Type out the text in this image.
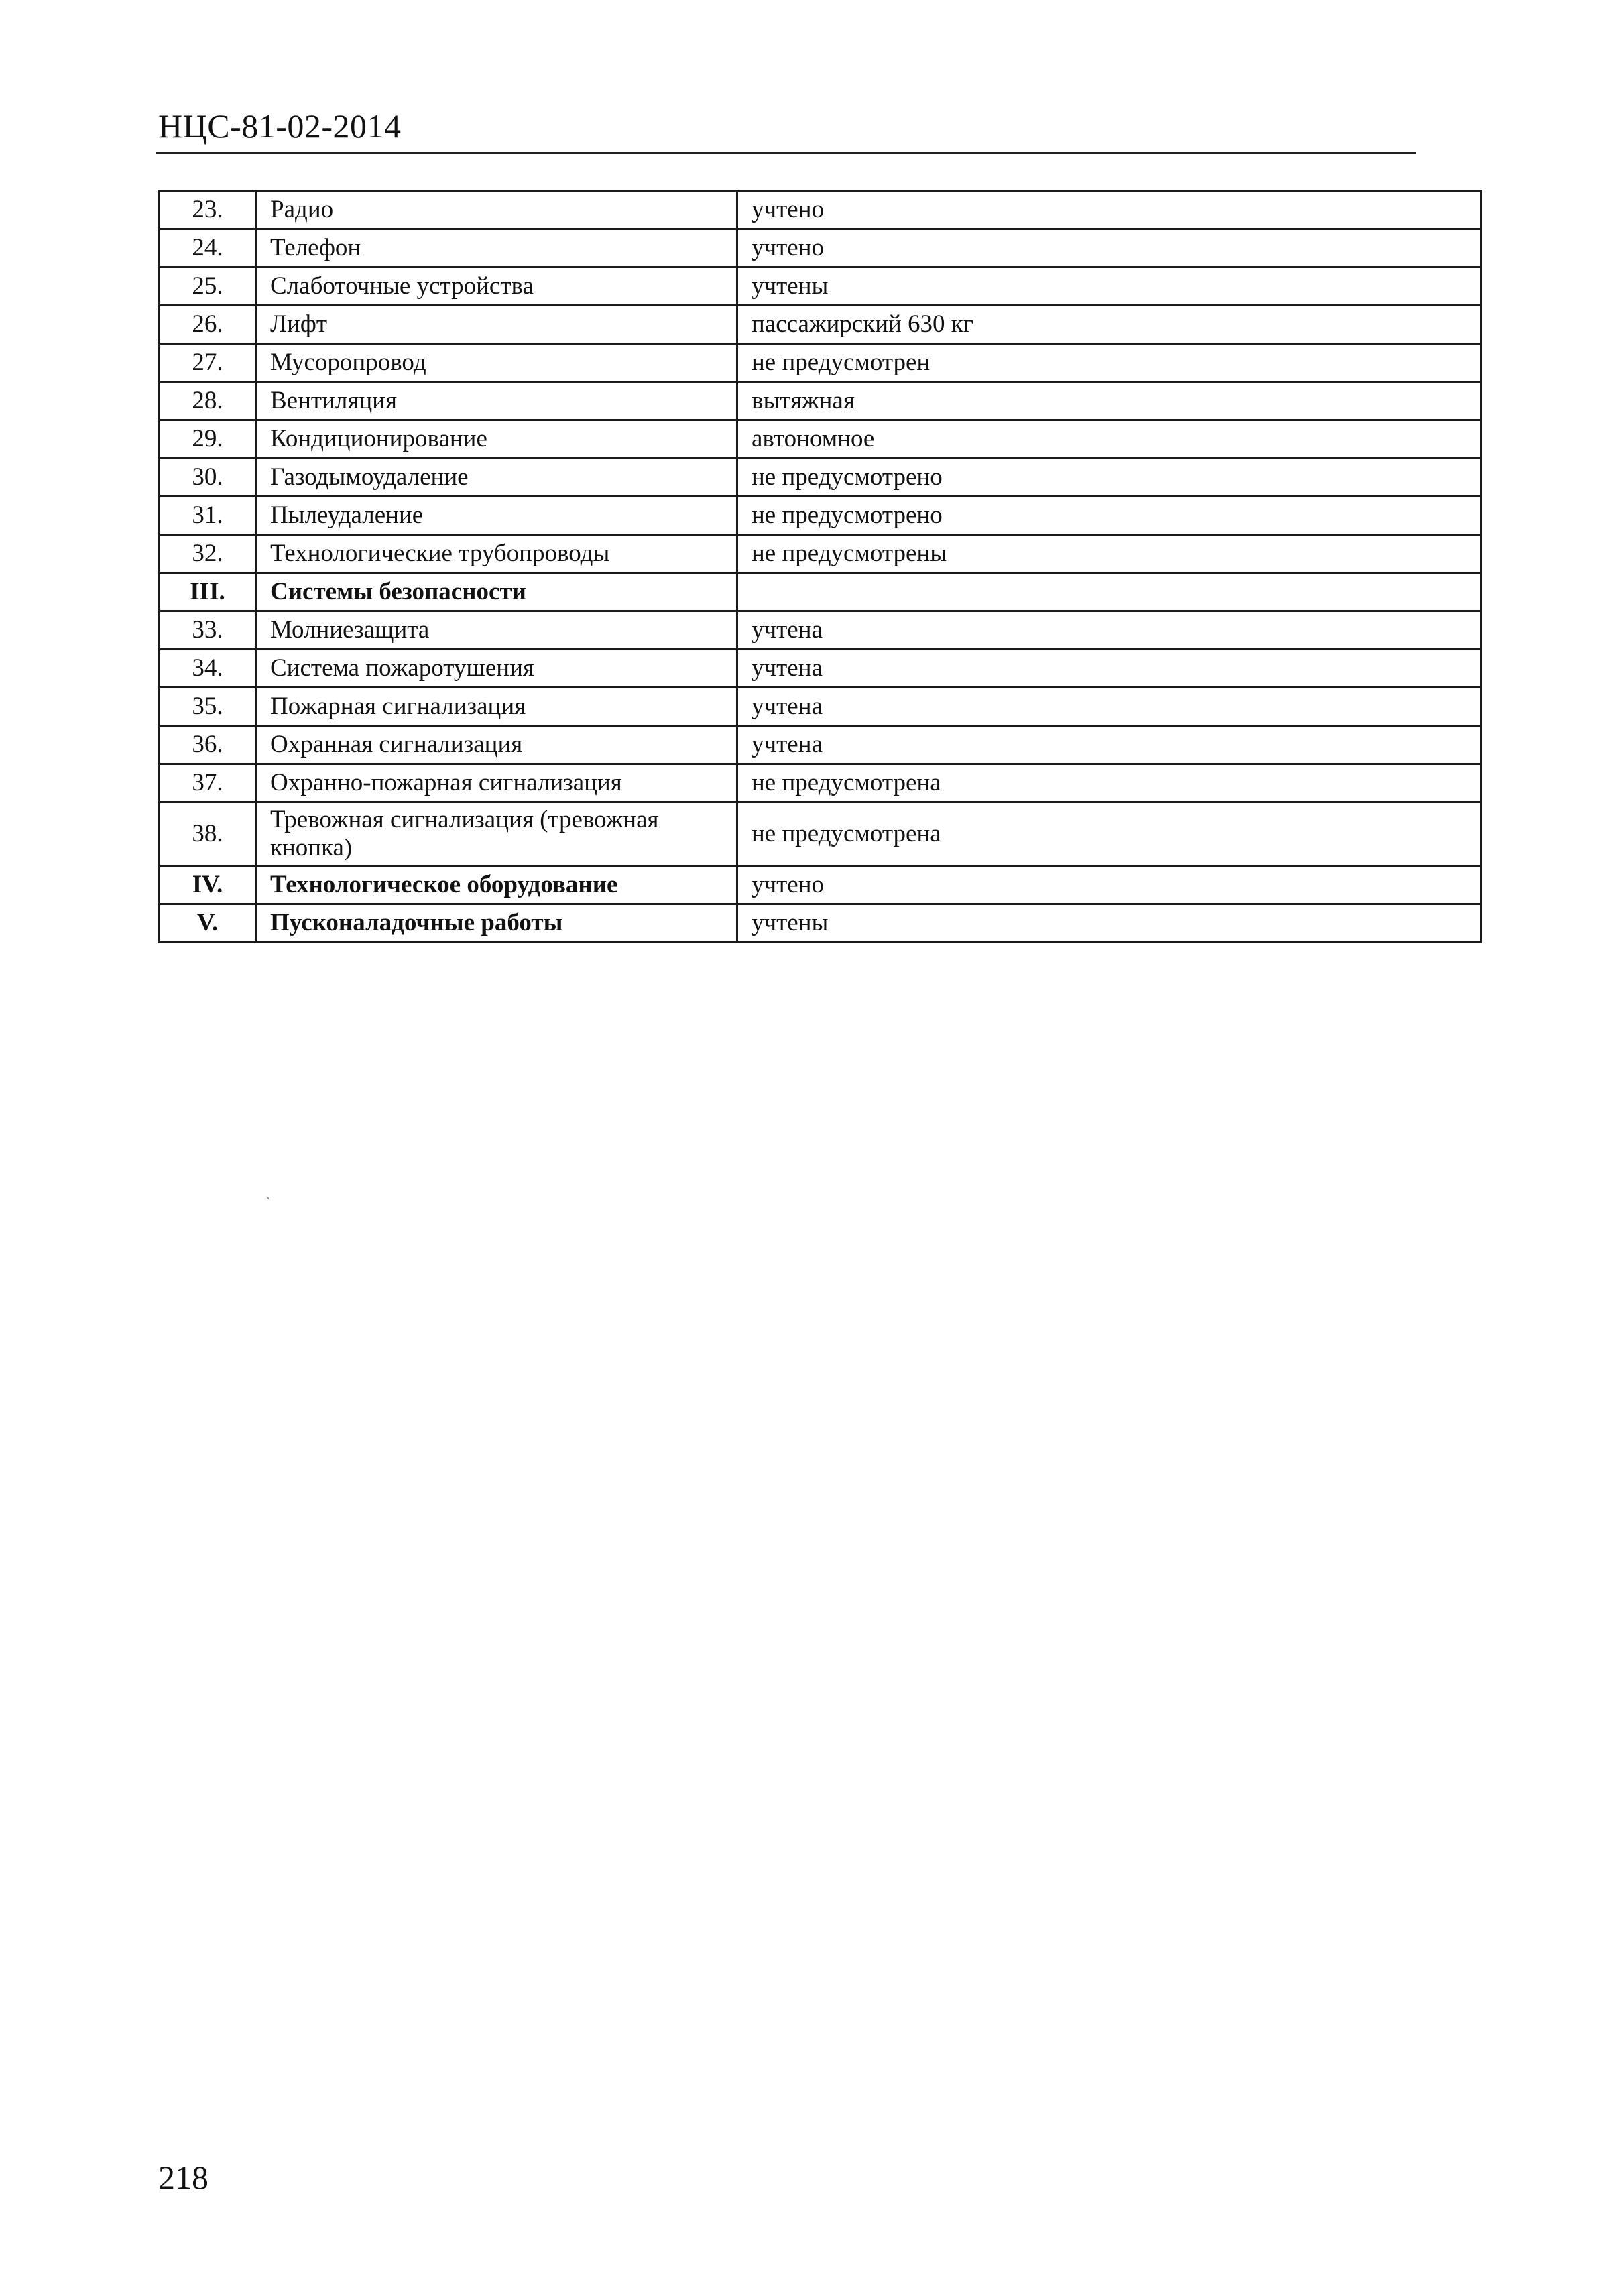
НЦС-81-02-2014
23.	Радио	учтено
24.	Телефон	учтено
25.	Слаботочные устройства	учтены
26.	Лифт	пассажирский 630 кг
27.	Мусоропровод	не предусмотрен
28.	Вентиляция	вытяжная
29.	Кондиционирование	автономное
30.	Газодымоудаление	не предусмотрено
31.	Пылеудаление	не предусмотрено
32.	Технологические трубопроводы	не предусмотрены
III.	Системы безопасности	
33.	Молниезащита	учтена
34.	Система пожаротушения	учтена
35.	Пожарная сигнализация	учтена
36.	Охранная сигнализация	учтена
37.	Охранно-пожарная сигнализация	не предусмотрена
38.	Тревожная сигнализация (тревожная кнопка)	не предусмотрена
IV.	Технологическое оборудование	учтено
V.	Пусконаладочные работы	учтены
218
